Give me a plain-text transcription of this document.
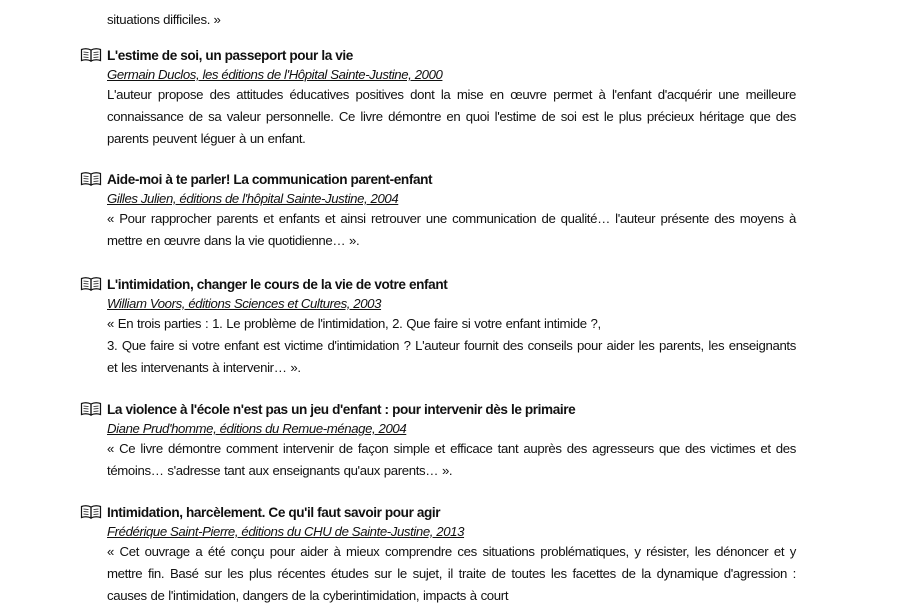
situations difficiles. »
L'estime de soi, un passeport pour la vie
Germain Duclos, les éditions de l'Hôpital Sainte-Justine, 2000
L'auteur propose des attitudes éducatives positives dont la mise en œuvre permet à l'enfant d'acquérir une meilleure connaissance de sa valeur personnelle. Ce livre démontre en quoi l'estime de soi est le plus précieux héritage que des parents peuvent léguer à un enfant.
Aide-moi à te parler! La communication parent-enfant
Gilles Julien, éditions de l'hôpital Sainte-Justine, 2004
« Pour rapprocher parents et enfants et ainsi retrouver une communication de qualité… l'auteur présente des moyens à mettre en œuvre dans la vie quotidienne… ».
L'intimidation, changer le cours de la vie de votre enfant
William Voors, éditions Sciences et Cultures, 2003
« En trois parties : 1. Le problème de l'intimidation, 2. Que faire si votre enfant intimide ?,
3. Que faire si votre enfant est victime d'intimidation ? L'auteur fournit des conseils pour aider les parents, les enseignants et les intervenants à intervenir… ».
La violence à l'école n'est pas un jeu d'enfant : pour intervenir dès le primaire
Diane Prud'homme, éditions du Remue-ménage, 2004
« Ce livre démontre comment intervenir de façon simple et efficace tant auprès des agresseurs que des victimes et des témoins… s'adresse tant aux enseignants qu'aux parents… ».
Intimidation, harcèlement. Ce qu'il faut savoir pour agir
Frédérique Saint-Pierre, éditions du CHU de Sainte-Justine, 2013
« Cet ouvrage a été conçu pour aider à mieux comprendre ces situations problématiques, y résister, les dénoncer et y mettre fin. Basé sur les plus récentes études sur le sujet, il traite de toutes les facettes de la dynamique d'agression : causes de l'intimidation, dangers de la cyberintimidation, impacts à court
